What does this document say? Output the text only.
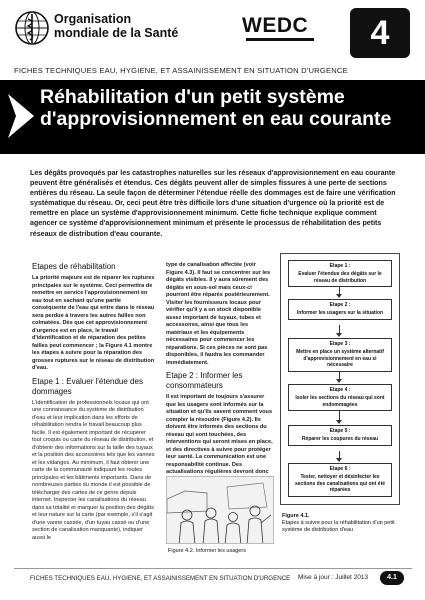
Organisation
mondiale de la Santé	WEDC	4
FICHES TECHNIQUES EAU, HYGIENE, ET ASSAINISSEMENT EN SITUATION D'URGENCE
Réhabilitation d'un petit système d'approvisionnement en eau courante
Les dégâts provoqués par les catastrophes naturelles sur les réseaux d'approvisionnement en eau courante peuvent être généralisés et étendus. Ces dégâts peuvent aller de simples fissures à une perte de sections entières du réseau. La seule façon de déterminer l'étendue réelle des dommages est de faire une vérification systématique du réseau. Or, ceci peut être très difficile lors d'une situation d'urgence où la priorité est de remettre en place un système d'approvisionnement minimum. Cette fiche technique explique comment agencer ce système d'approvisionnement minimum et présente le processus de réhabilitation des petits réseaux de distribution d'eau courante.
Etapes de réhabilitation
La priorité majeure est de réparer les ruptures principales sur le système. Ceci permettra de remettre en service l'approvisionnement en eau tout en sachant qu'une partie conséquente de l'eau qui entre dans le réseau sera perdue à travers les autres failles non colmatées. Dès que cet approvisionnement d'urgence est en place, le travail d'identification et de réparation des petites failles peut commencer ; la Figure 4.1 montre les étapes à suivre pour la réparation des grosses ruptures sur le réseau de distribution d'eau.
Etape 1 : Evaluer l'étendue des dommages
L'identification de professionnels locaux qui ont une connaissance du système de distribution d'eau et leur implication dans les efforts de réhabilitation rendra le travail beaucoup plus facile. Il est également important de récupérer tout croquis ou carte du réseau de distribution, et d'obtenir des informations sur la taille des tuyaux et la position des accessoires tels que les vannes et les vidanges. Au minimum, il faut obtenir une carte de la communauté indiquant les routes principales et les bâtiments importants. Dans de nombreuses parties du monde il est possible de télécharger des cartes de ce genre depuis internet. Inspecter les canalisations du réseau dans sa totalité et marquer la position des dégâts et leur nature sur la carte (par exemple, s'il s'agit d'une vanne cassée, d'un tuyau cassé ou d'une section de canalisation manquante), indiquer aussi le
type de canalisation affectée (voir Figure 4.3). Il faut se concentrer sur les dégâts visibles. Il y aura sûrement des dégâts en sous-sol mais ceux-ci pourront être réparés postérieurement. Visiter les fournisseurs locaux pour vérifier qu'il y a un stock disponible assez important de tuyaux, tubes et accessoires, ainsi que tous les matériaux et les équipements nécessaires pour commencer les réparations. Si ces pièces ne sont pas disponibles, il faudra les commander immédiatement.
Etape 2 : Informer les consommateurs
Il est important de toujours s'assurer que les usagers sont informés sur la situation et qu'ils savent comment vous compter la résoudre (Figure 4.2). Ils doivent être informés des sections du réseau qui sont touchées, des interventions qui seront mises en place, et des directives à suivre pour protéger leur santé. La communication est une responsabilité continue. Des actualisations régulières devront donc
Figure 4.2. Informer les usagers
Etape 1 :
Evaluer l'étendue des dégâts sur le réseau de distribution
Etape 2 :
Informer les usagers sur la situation
Etape 3 :
Mettre en place un système alternatif d'approvisionnement en eau si nécessaire
Etape 4 :
Isoler les sections du réseau qui sont endommagées
Etape 5 :
Réparer les coupures du réseau
Etape 6 :
Tester, nettoyer et désinfecter les sections des canalisations qui ont été réparées
Figure 4.1.
Etapes à suivre pour la réhabilitation d'un petit système de distribution d'eau
FICHES TECHNIQUES EAU, HYGIENE, ET ASSAINISSEMENT EN SITUATION D'URGENCE Mise à jour : Juillet 2013	4.1
